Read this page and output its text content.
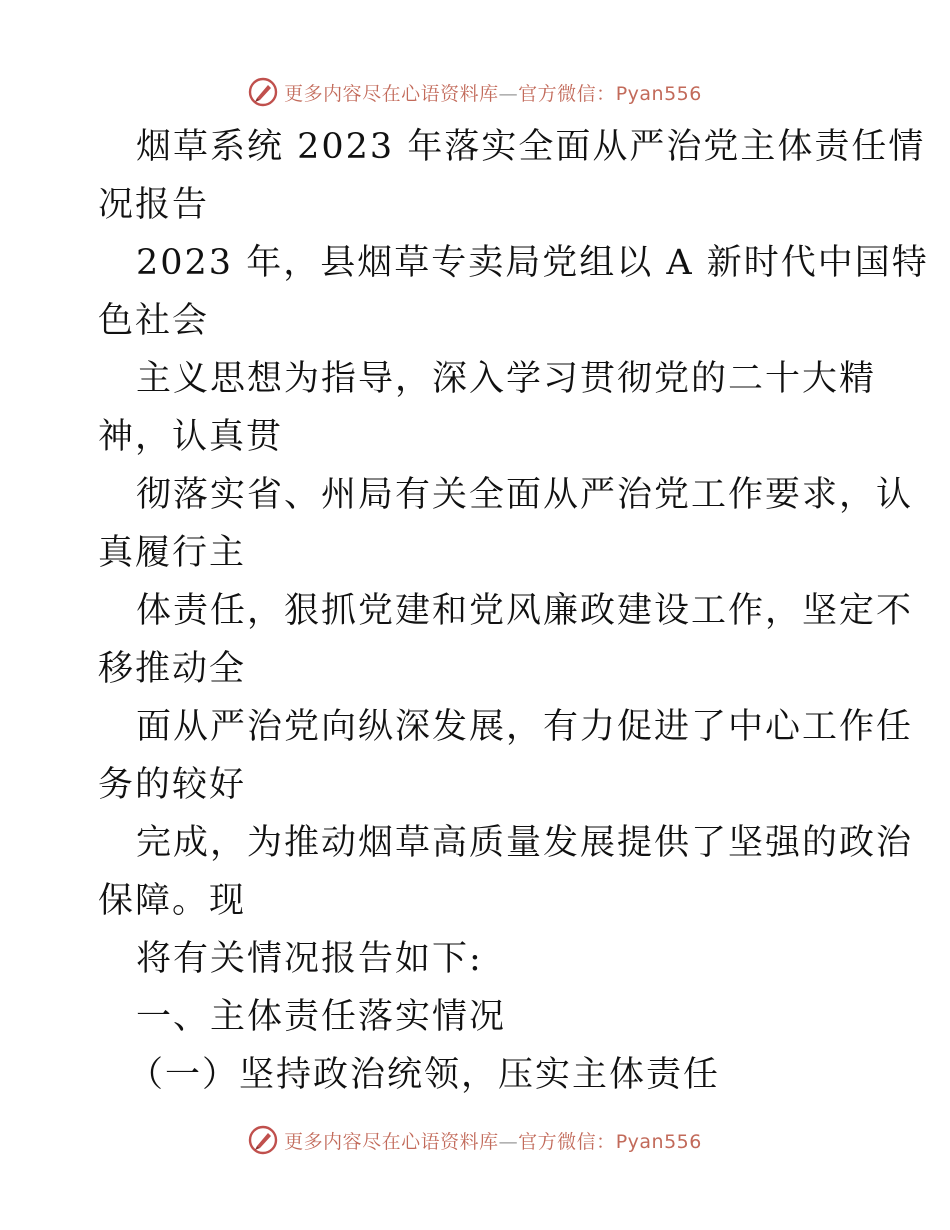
更多内容尽在心语资料库—官方微信：Pyan556
烟草系统 2023 年落实全面从严治党主体责任情
况报告
2023 年，县烟草专卖局党组以 A 新时代中国特
色社会
主义思想为指导，深入学习贯彻党的二十大精
神，认真贯
彻落实省、州局有关全面从严治党工作要求，认
真履行主
体责任，狠抓党建和党风廉政建设工作，坚定不
移推动全
面从严治党向纵深发展，有力促进了中心工作任
务的较好
完成，为推动烟草高质量发展提供了坚强的政治
保障。现
将有关情况报告如下:
一、主体责任落实情况
（一）坚持政治统领，压实主体责任
更多内容尽在心语资料库—官方微信：Pyan556
